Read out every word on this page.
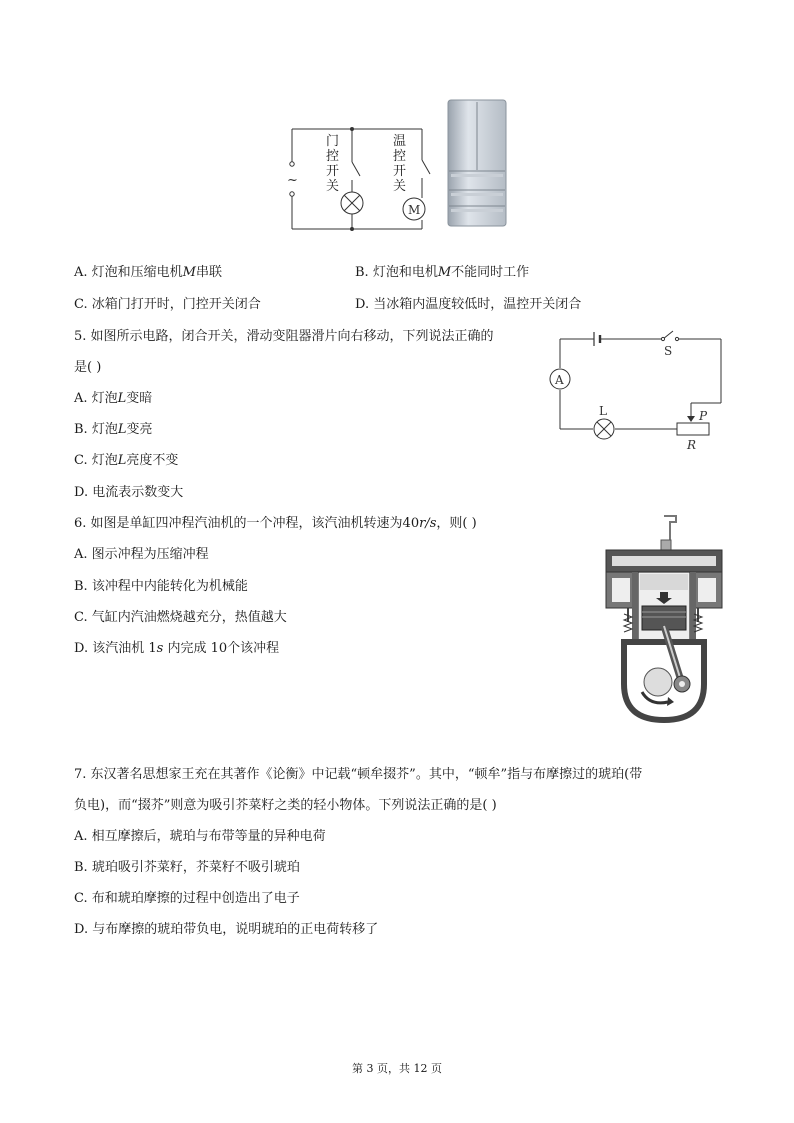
~
M
门控开关
温控开关
A. 灯泡和压缩电机M串联	B. 灯泡和电机M不能同时工作
C. 冰箱门打开时，门控开关闭合	D. 当冰箱内温度较低时，温控开关闭合
5. 如图所示电路，闭合开关，滑动变阻器滑片向右移动，下列说法正确的
是( )
A. 灯泡L变暗
B. 灯泡L变亮
C. 灯泡L亮度不变
D. 电流表示数变大
A
S
L	P
R
6. 如图是单缸四冲程汽油机的一个冲程，该汽油机转速为40r/s，则( )
A. 图示冲程为压缩冲程
B. 该冲程中内能转化为机械能
C. 气缸内汽油燃烧越充分，热值越大
D. 该汽油机 1s 内完成 10个该冲程
7. 东汉著名思想家王充在其著作《论衡》中记载“顿牟掇芥”。其中，“顿牟”指与布摩擦过的琥珀(带
负电)，而“掇芥”则意为吸引芥菜籽之类的轻小物体。下列说法正确的是( )
A. 相互摩擦后，琥珀与布带等量的异种电荷
B. 琥珀吸引芥菜籽，芥菜籽不吸引琥珀
C. 布和琥珀摩擦的过程中创造出了电子
D. 与布摩擦的琥珀带负电，说明琥珀的正电荷转移了
第 3 页，共 12 页
